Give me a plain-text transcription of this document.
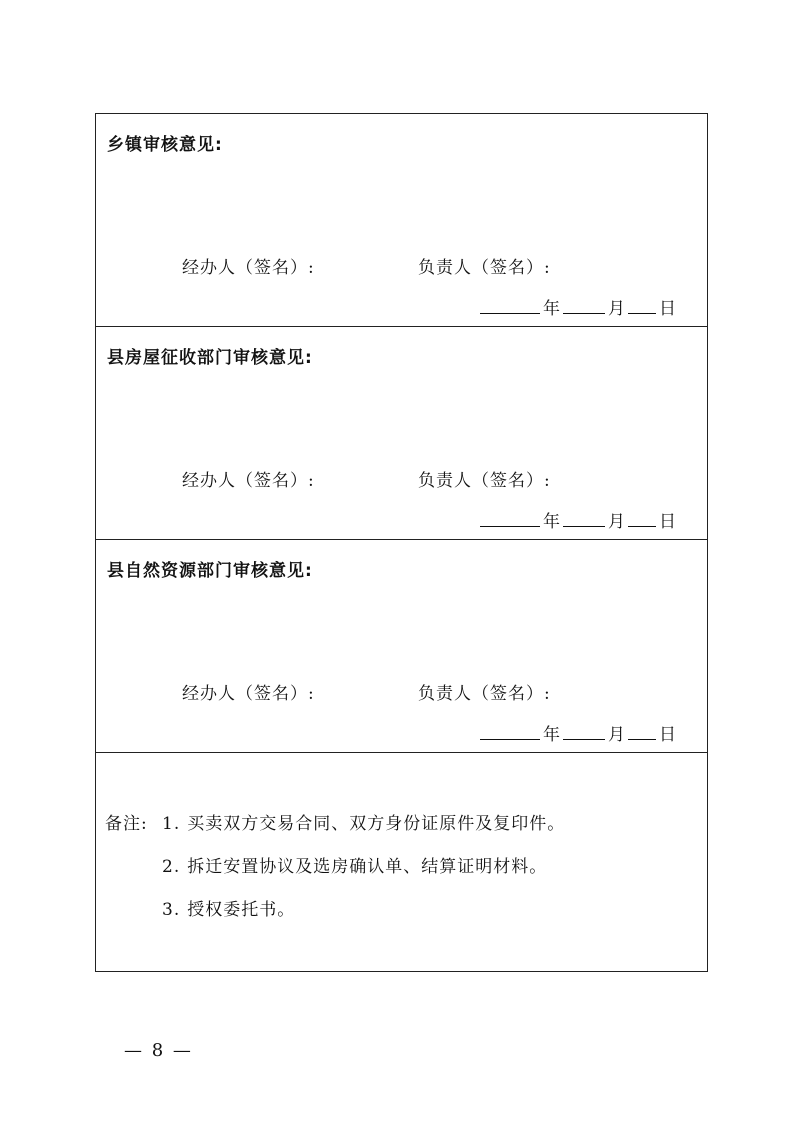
乡镇审核意见:
经办人（签名）:	负责人（签名）:
年	月 日
县房屋征收部门审核意见:
经办人（签名）:	负责人（签名）:
年	月 日
县自然资源部门审核意见:
经办人（签名）:	负责人（签名）:
年	月 日
备注: 1. 买卖双方交易合同、双方身份证原件及复印件。
2. 拆迁安置协议及选房确认单、结算证明材料。
3. 授权委托书。
— 8 —
